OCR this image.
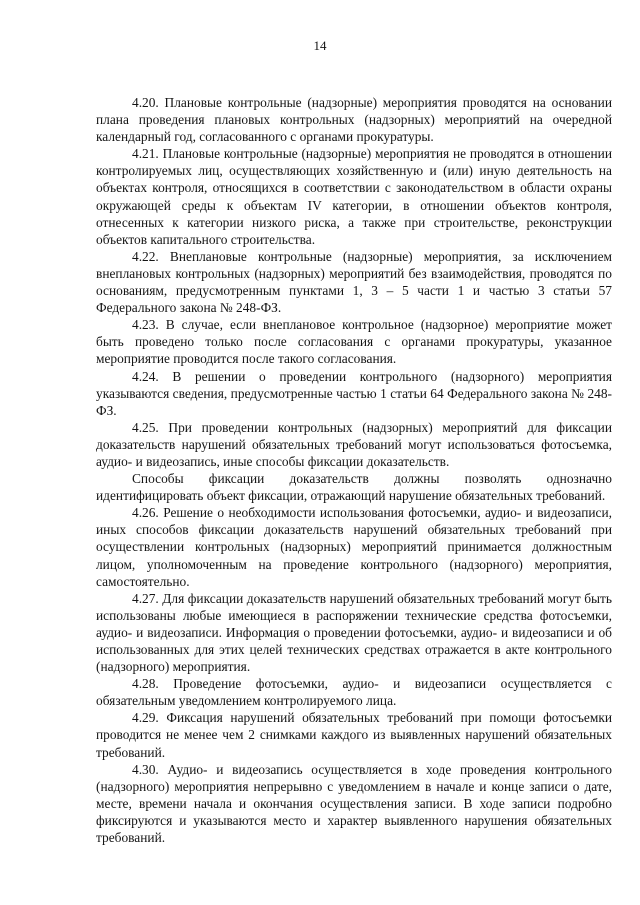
14

4.20. Плановые контрольные (надзорные) мероприятия проводятся на основании плана проведения плановых контрольных (надзорных) мероприятий на очередной календарный год, согласованного с органами прокуратуры.

4.21. Плановые контрольные (надзорные) мероприятия не проводятся в отношении контролируемых лиц, осуществляющих хозяйственную и (или) иную деятельность на объектах контроля, относящихся в соответствии с законодательством в области охраны окружающей среды к объектам IV категории, в отношении объектов контроля, отнесенных к категории низкого риска, а также при строительстве, реконструкции объектов капитального строительства.

4.22. Внеплановые контрольные (надзорные) мероприятия, за исключением внеплановых контрольных (надзорных) мероприятий без взаимодействия, проводятся по основаниям, предусмотренным пунктами 1, 3 – 5 части 1 и частью 3 статьи 57 Федерального закона № 248-ФЗ.

4.23. В случае, если внеплановое контрольное (надзорное) мероприятие может быть проведено только после согласования с органами прокуратуры, указанное мероприятие проводится после такого согласования.

4.24. В решении о проведении контрольного (надзорного) мероприятия указываются сведения, предусмотренные частью 1 статьи 64 Федерального закона № 248-ФЗ.

4.25. При проведении контрольных (надзорных) мероприятий для фиксации доказательств нарушений обязательных требований могут использоваться фотосъемка, аудио- и видеозапись, иные способы фиксации доказательств.

Способы фиксации доказательств должны позволять однозначно идентифицировать объект фиксации, отражающий нарушение обязательных требований.

4.26. Решение о необходимости использования фотосъемки, аудио- и видеозаписи, иных способов фиксации доказательств нарушений обязательных требований при осуществлении контрольных (надзорных) мероприятий принимается должностным лицом, уполномоченным на проведение контрольного (надзорного) мероприятия, самостоятельно.

4.27. Для фиксации доказательств нарушений обязательных требований могут быть использованы любые имеющиеся в распоряжении технические средства фотосъемки, аудио- и видеозаписи. Информация о проведении фотосъемки, аудио- и видеозаписи и об использованных для этих целей технических средствах отражается в акте контрольного (надзорного) мероприятия.

4.28. Проведение фотосъемки, аудио- и видеозаписи осуществляется с обязательным уведомлением контролируемого лица.

4.29. Фиксация нарушений обязательных требований при помощи фотосъемки проводится не менее чем 2 снимками каждого из выявленных нарушений обязательных требований.

4.30. Аудио- и видеозапись осуществляется в ходе проведения контрольного (надзорного) мероприятия непрерывно с уведомлением в начале и конце записи о дате, месте, времени начала и окончания осуществления записи. В ходе записи подробно фиксируются и указываются место и характер выявленного нарушения обязательных требований.
